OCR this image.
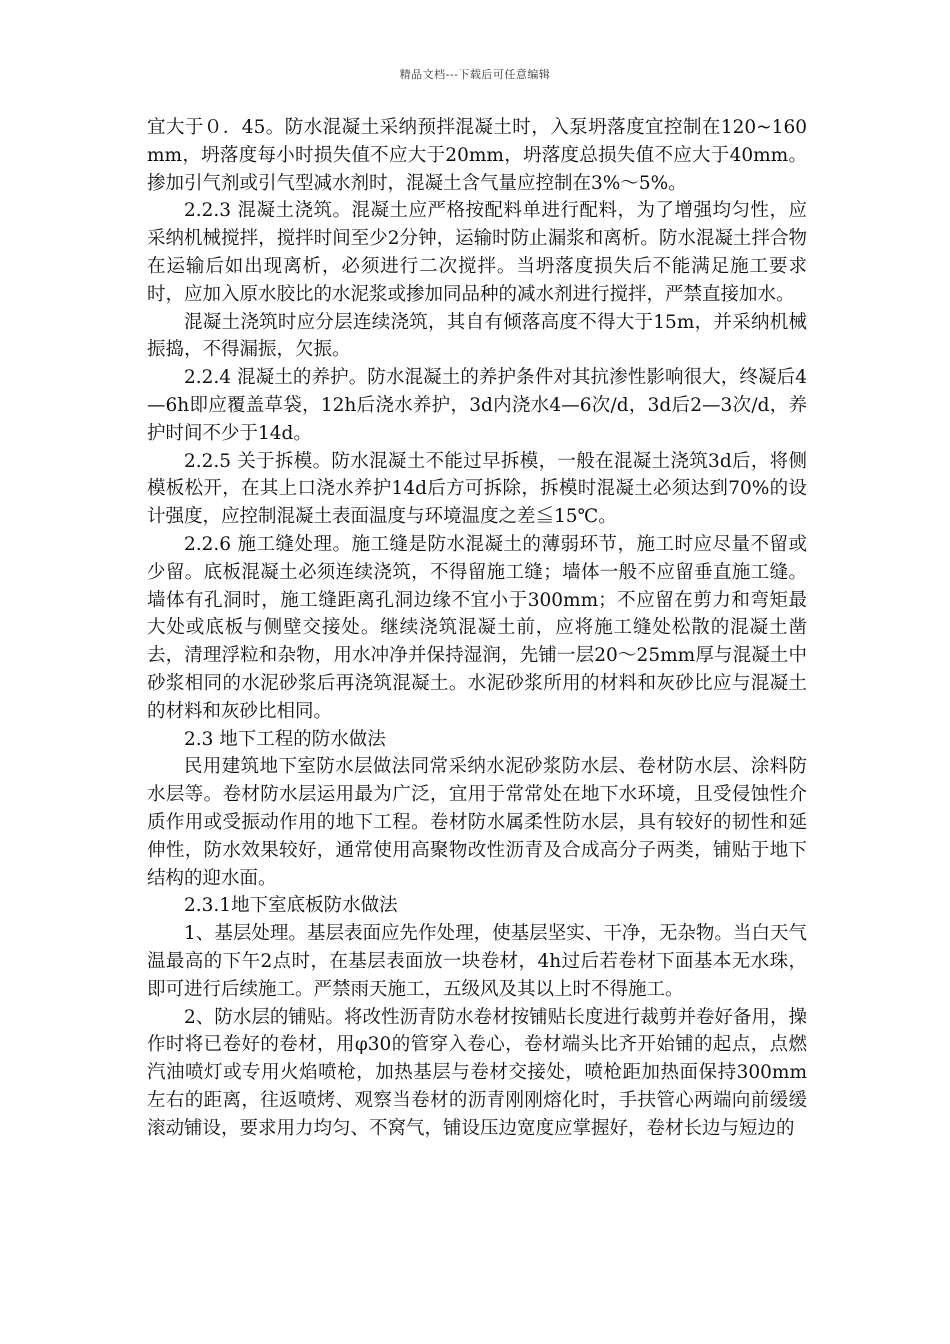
精品文档---下载后可任意编辑

宜大于０．45。防水混凝土采纳预拌混凝土时，入泵坍落度宜控制在120~160mm，坍落度每小时损失值不应大于20mm，坍落度总损失值不应大于40mm。掺加引气剂或引气型减水剂时，混凝土含气量应控制在3%～5%。

2.2.3 混凝土浇筑。混凝土应严格按配料单进行配料，为了增强均匀性，应采纳机械搅拌，搅拌时间至少2分钟，运输时防止漏浆和离析。防水混凝土拌合物在运输后如出现离析，必须进行二次搅拌。当坍落度损失后不能满足施工要求时，应加入原水胶比的水泥浆或掺加同品种的减水剂进行搅拌，严禁直接加水。

混凝土浇筑时应分层连续浇筑，其自有倾落高度不得大于15m，并采纳机械振捣，不得漏振，欠振。

2.2.4 混凝土的养护。防水混凝土的养护条件对其抗渗性影响很大，终凝后4—6h即应覆盖草袋，12h后浇水养护，3d内浇水4—6次/d，3d后2—3次/d，养护时间不少于14d。

2.2.5 关于拆模。防水混凝土不能过早拆模，一般在混凝土浇筑3d后，将侧模板松开，在其上口浇水养护14d后方可拆除，拆模时混凝土必须达到70%的设计强度，应控制混凝土表面温度与环境温度之差≦15℃。

2.2.6 施工缝处理。施工缝是防水混凝土的薄弱环节，施工时应尽量不留或少留。底板混凝土必须连续浇筑，不得留施工缝；墙体一般不应留垂直施工缝。墙体有孔洞时，施工缝距离孔洞边缘不宜小于300mm；不应留在剪力和弯矩最大处或底板与侧壁交接处。继续浇筑混凝土前，应将施工缝处松散的混凝土凿去，清理浮粒和杂物，用水冲净并保持湿润，先铺一层20～25mm厚与混凝土中砂浆相同的水泥砂浆后再浇筑混凝土。水泥砂浆所用的材料和灰砂比应与混凝土的材料和灰砂比相同。

2.3 地下工程的防水做法

民用建筑地下室防水层做法同常采纳水泥砂浆防水层、卷材防水层、涂料防水层等。卷材防水层运用最为广泛，宜用于常常处在地下水环境，且受侵蚀性介质作用或受振动作用的地下工程。卷材防水属柔性防水层，具有较好的韧性和延伸性，防水效果较好，通常使用高聚物改性沥青及合成高分子两类，铺贴于地下结构的迎水面。

2.3.1地下室底板防水做法

1、基层处理。基层表面应先作处理，使基层坚实、干净，无杂物。当白天气温最高的下午2点时，在基层表面放一块卷材，4h过后若卷材下面基本无水珠，即可进行后续施工。严禁雨天施工，五级风及其以上时不得施工。

2、防水层的铺贴。将改性沥青防水卷材按铺贴长度进行裁剪并卷好备用，操作时将已卷好的卷材，用φ30的管穿入卷心，卷材端头比齐开始铺的起点，点燃汽油喷灯或专用火焰喷枪，加热基层与卷材交接处，喷枪距加热面保持300mm左右的距离，往返喷烤、观察当卷材的沥青刚刚熔化时，手扶管心两端向前缓缓滚动铺设，要求用力均匀、不窝气，铺设压边宽度应掌握好，卷材长边与短边的
